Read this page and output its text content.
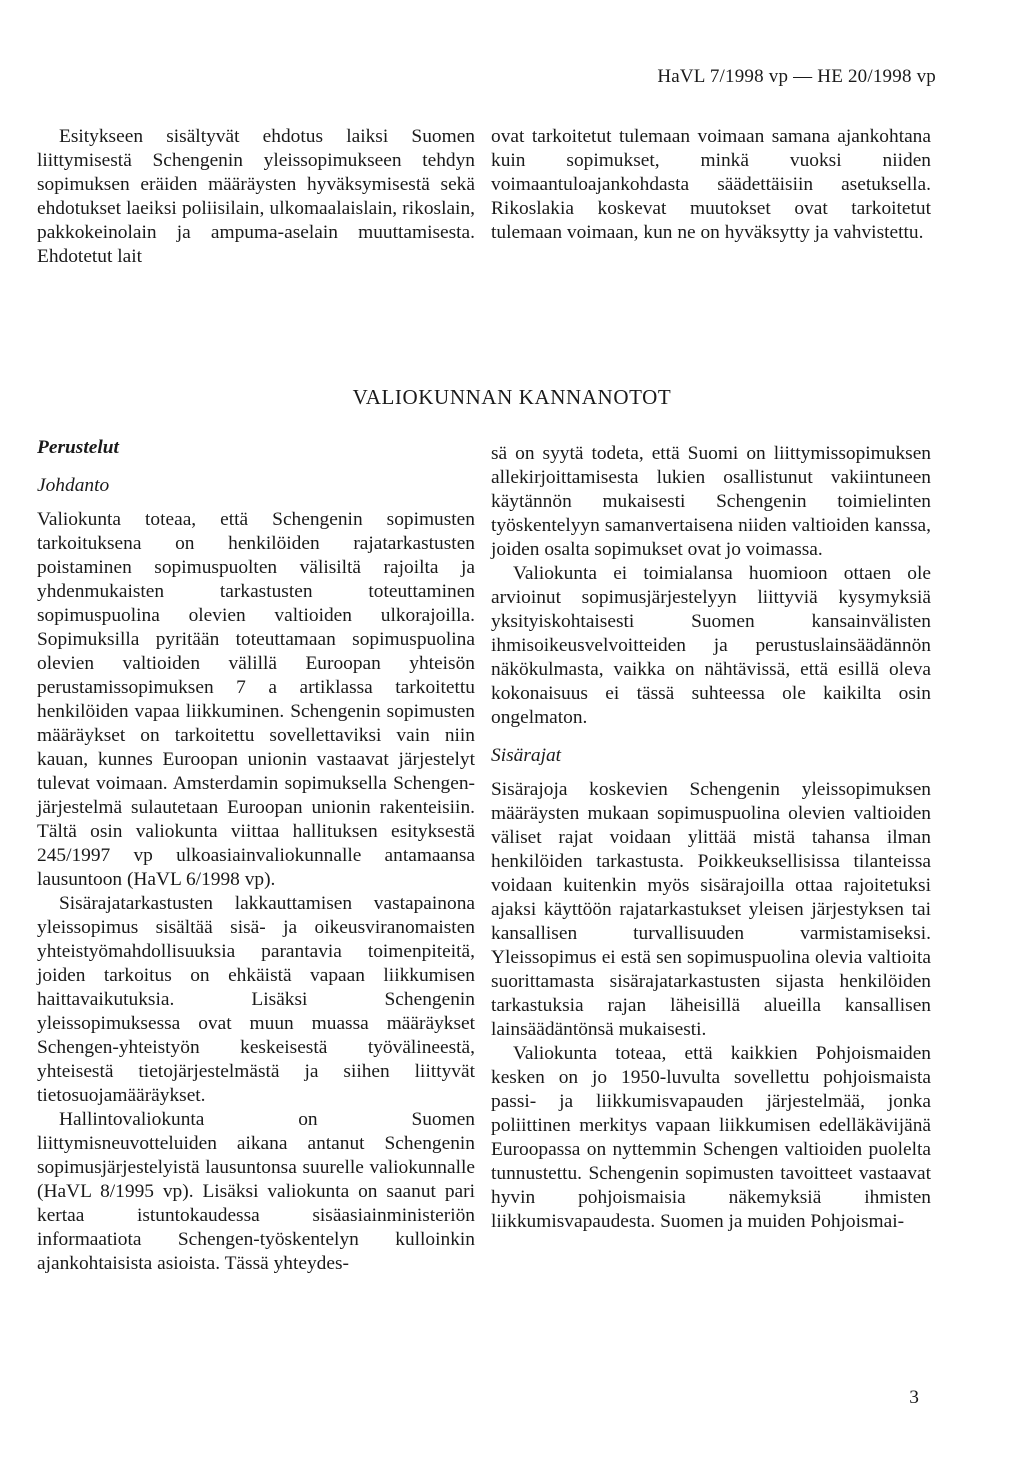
HaVL 7/1998 vp — HE 20/1998 vp

Esitykseen sisältyvät ehdotus laiksi Suomen liittymisestä Schengenin yleissopimukseen tehdyn sopimuksen eräiden määräysten hyväksymisestä sekä ehdotukset laeiksi poliisilain, ulkomaalaislain, rikoslain, pakkokeinolain ja ampuma-aselain muuttamisesta. Ehdotetut lait

ovat tarkoitetut tulemaan voimaan samana ajankohtana kuin sopimukset, minkä vuoksi niiden voimaantuloajankohdasta säädettäisiin asetuksella. Rikoslakia koskevat muutokset ovat tarkoitetut tulemaan voimaan, kun ne on hyväksytty ja vahvistettu.

VALIOKUNNAN KANNANOTOT
Perustelut
Johdanto

Valiokunta toteaa, että Schengenin sopimusten tarkoituksena on henkilöiden rajatarkastusten poistaminen sopimuspuolten välisiltä rajoilta ja yhdenmukaisten tarkastusten toteuttaminen sopimuspuolina olevien valtioiden ulkorajoilla. Sopimuksilla pyritään toteuttamaan sopimuspuolina olevien valtioiden välillä Euroopan yhteisön perustamissopimuksen 7 a artiklassa tarkoitettu henkilöiden vapaa liikkuminen. Schengenin sopimusten määräykset on tarkoitettu sovellettaviksi vain niin kauan, kunnes Euroopan unionin vastaavat järjestelyt tulevat voimaan. Amsterdamin sopimuksella Schengen-järjestelmä sulautetaan Euroopan unionin rakenteisiin. Tältä osin valiokunta viittaa hallituksen esityksestä 245/1997 vp ulkoasiainvaliokunnalle antamaansa lausuntoon (HaVL 6/1998 vp).

Sisärajatarkastusten lakkauttamisen vastapainona yleissopimus sisältää sisä- ja oikeusviranomaisten yhteistyömahdollisuuksia parantavia toimenpiteitä, joiden tarkoitus on ehkäistä vapaan liikkumisen haittavaikutuksia. Lisäksi Schengenin yleissopimuksessa ovat muun muassa määräykset Schengen-yhteistyön keskeisestä työvälineestä, yhteisestä tietojärjestelmästä ja siihen liittyvät tietosuojamääräykset.

Hallintovaliokunta on Suomen liittymisneuvotteluiden aikana antanut Schengenin sopimusjärjestelyistä lausuntonsa suurelle valiokunnalle (HaVL 8/1995 vp). Lisäksi valiokunta on saanut pari kertaa istuntokaudessa sisäasiainministeriön informaatiota Schengen-työskentelyn kulloinkin ajankohtaisista asioista. Tässä yhteydes-

sä on syytä todeta, että Suomi on liittymissopimuksen allekirjoittamisesta lukien osallistunut vakiintuneen käytännön mukaisesti Schengenin toimielinten työskentelyyn samanvertaisena niiden valtioiden kanssa, joiden osalta sopimukset ovat jo voimassa.

Valiokunta ei toimialansa huomioon ottaen ole arvioinut sopimusjärjestelyyn liittyviä kysymyksiä yksityiskohtaisesti Suomen kansainvälisten ihmisoikeusvelvoitteiden ja perustuslainsäädännön näkökulmasta, vaikka on nähtävissä, että esillä oleva kokonaisuus ei tässä suhteessa ole kaikilta osin ongelmaton.

Sisärajat

Sisärajoja koskevien Schengenin yleissopimuksen määräysten mukaan sopimuspuolina olevien valtioiden väliset rajat voidaan ylittää mistä tahansa ilman henkilöiden tarkastusta. Poikkeuksellisissa tilanteissa voidaan kuitenkin myös sisärajoilla ottaa rajoitetuksi ajaksi käyttöön rajatarkastukset yleisen järjestyksen tai kansallisen turvallisuuden varmistamiseksi. Yleissopimus ei estä sen sopimuspuolina olevia valtioita suorittamasta sisärajatarkastusten sijasta henkilöiden tarkastuksia rajan läheisillä alueilla kansallisen lainsäädäntönsä mukaisesti.

Valiokunta toteaa, että kaikkien Pohjoismaiden kesken on jo 1950-luvulta sovellettu pohjoismaista passi- ja liikkumisvapauden järjestelmää, jonka poliittinen merkitys vapaan liikkumisen edelläkävijänä Euroopassa on nyttemmin Schengen valtioiden puolelta tunnustettu. Schengenin sopimusten tavoitteet vastaavat hyvin pohjoismaisia näkemyksiä ihmisten liikkumisvapaudesta. Suomen ja muiden Pohjoismai-

3
